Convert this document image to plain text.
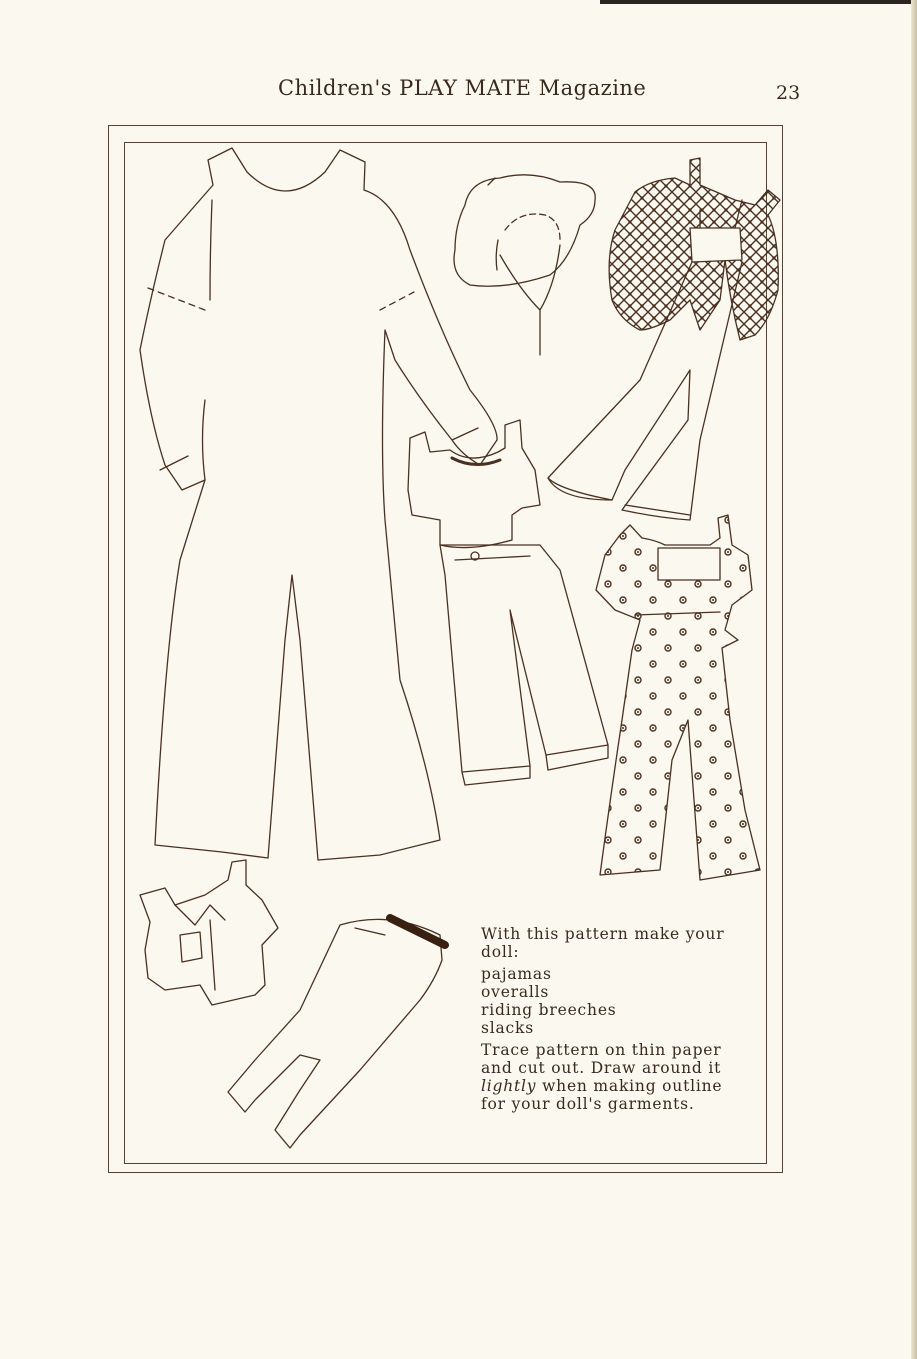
Children's PLAY MATE Magazine	23

With this pattern make your doll:

pajamas
overalls
riding breeches
slacks

Trace pattern on thin paper and cut out. Draw around it lightly when making outline for your doll's garments.
